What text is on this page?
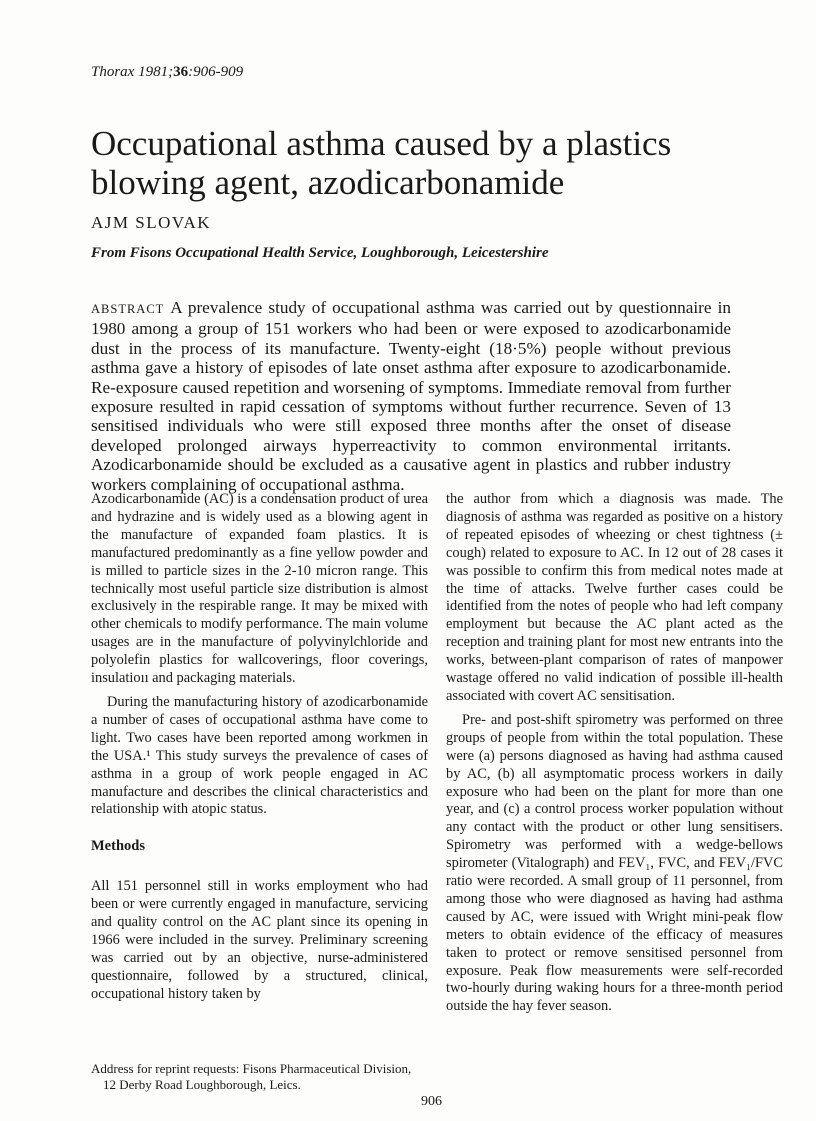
Thorax 1981;36:906-909
Occupational asthma caused by a plastics blowing agent, azodicarbonamide
AJM SLOVAK
From Fisons Occupational Health Service, Loughborough, Leicestershire

ABSTRACT A prevalence study of occupational asthma was carried out by questionnaire in 1980 among a group of 151 workers who had been or were exposed to azodicarbonamide dust in the process of its manufacture. Twenty-eight (18·5%) people without previous asthma gave a history of episodes of late onset asthma after exposure to azodicarbonamide. Re-exposure caused repetition and worsening of symptoms. Immediate removal from further exposure resulted in rapid cessation of symptoms without further recurrence. Seven of 13 sensitised individuals who were still exposed three months after the onset of disease developed prolonged airways hyperreactivity to common environmental irritants. Azodicarbonamide should be excluded as a causative agent in plastics and rubber industry workers complaining of occupational asthma.

Azodicarbonamide (AC) is a condensation product of urea and hydrazine and is widely used as a blowing agent in the manufacture of expanded foam plastics. It is manufactured predominantly as a fine yellow powder and is milled to particle sizes in the 2-10 micron range. This technically most useful particle size distribution is almost exclusively in the respirable range. It may be mixed with other chemicals to modify performance. The main volume usages are in the manufacture of polyvinylchloride and polyolefin plastics for wallcoverings, floor coverings, insulatioıı and packaging materials.

During the manufacturing history of azodicarbonamide a number of cases of occupational asthma have come to light. Two cases have been reported among workmen in the USA.¹ This study surveys the prevalence of cases of asthma in a group of work people engaged in AC manufacture and describes the clinical characteristics and relationship with atopic status.

Methods

All 151 personnel still in works employment who had been or were currently engaged in manufacture, servicing and quality control on the AC plant since its opening in 1966 were included in the survey. Preliminary screening was carried out by an objective, nurse-administered questionnaire, followed by a structured, clinical, occupational history taken by

the author from which a diagnosis was made. The diagnosis of asthma was regarded as positive on a history of repeated episodes of wheezing or chest tightness (± cough) related to exposure to AC. In 12 out of 28 cases it was possible to confirm this from medical notes made at the time of attacks. Twelve further cases could be identified from the notes of people who had left company employment but because the AC plant acted as the reception and training plant for most new entrants into the works, between-plant comparison of rates of manpower wastage offered no valid indication of possible ill-health associated with covert AC sensitisation.

Pre- and post-shift spirometry was performed on three groups of people from within the total population. These were (a) persons diagnosed as having had asthma caused by AC, (b) all asymptomatic process workers in daily exposure who had been on the plant for more than one year, and (c) a control process worker population without any contact with the product or other lung sensitisers. Spirometry was performed with a wedge-bellows spirometer (Vitalograph) and FEV₁, FVC, and FEV₁/FVC ratio were recorded. A small group of 11 personnel, from among those who were diagnosed as having had asthma caused by AC, were issued with Wright mini-peak flow meters to obtain evidence of the efficacy of measures taken to protect or remove sensitised personnel from exposure. Peak flow measurements were self-recorded two-hourly during waking hours for a three-month period outside the hay fever season.

Address for reprint requests: Fisons Pharmaceutical Division,

12 Derby Road Loughborough, Leics.

906
